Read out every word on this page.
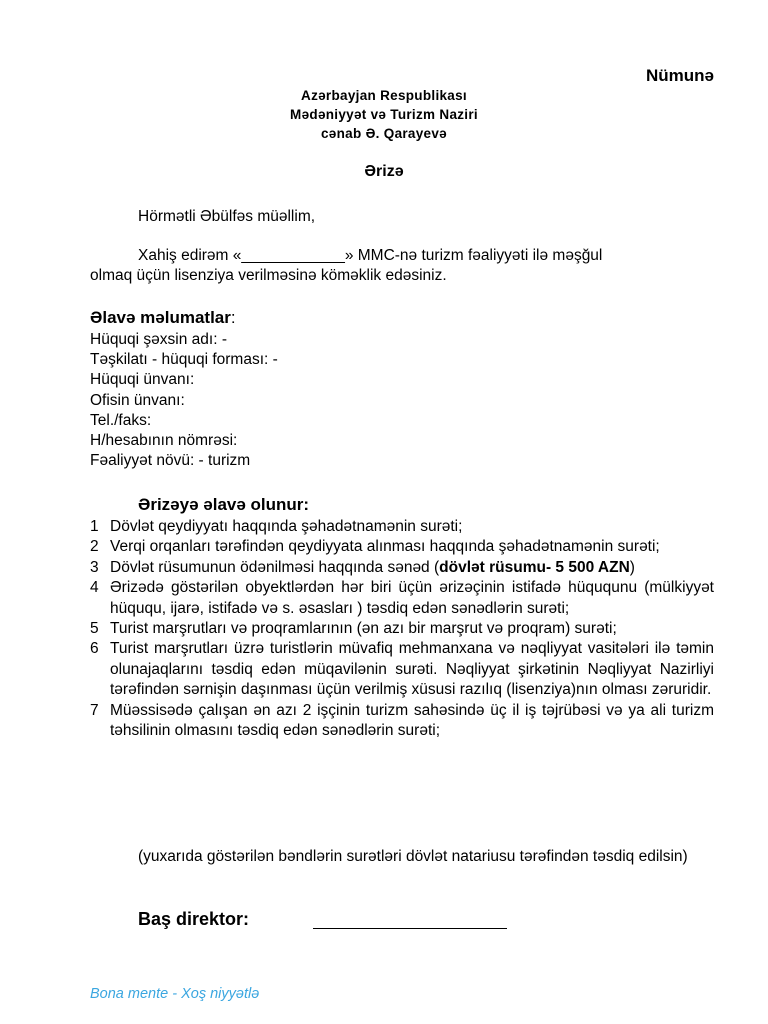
Nümunə
Azərbayjan Respublikası
Mədəniyyət və Turizm Naziri
cənab Ə. Qarayevə
Ərizə
Hörmətli Əbülfəs müəllim,
Xahiş edirəm «____________» MMC-nə turizm fəaliyyəti ilə məşğul
olmaq üçün lisenziya verilməsinə köməklik edəsiniz.
Əlavə məlumatlar:
Hüquqi şəxsin adı: -
Təşkilatı - hüquqi forması: -
Hüquqi ünvanı:
Ofisin ünvanı:
Tel./faks:
H/hesabının nömrəsi:
Fəaliyyət növü: - turizm
Ərizəyə əlavə olunur:
1 Dövlət qeydiyyatı haqqında şəhadətnamənin surəti;
2 Verqi orqanları tərəfindən qeydiyyata alınması haqqında şəhadətnamənin surəti;
3 Dövlət rüsumunun ödənilməsi haqqında sənəd (dövlət rüsumu- 5 500 AZN)
4 Ərizədə göstərilən obyektlərdən hər biri üçün ərizəçinin istifadə hüququnu (mülkiyyət hüququ, ijarə, istifadə və s. əsasları ) təsdiq edən sənədlərin surəti;
5 Turist marşrutları və proqramlarının (ən azı bir marşrut və proqram) surəti;
6 Turist marşrutları üzrə turistlərin müvafiq mehmanxana və nəqliyyat vasitələri ilə təmin olunajaqlarını təsdiq edən müqavilənin surəti. Nəqliyyat şirkətinin Nəqliyyat Nazirliyi tərəfindən sərnişin daşınması üçün verilmiş xüsusi razılıq (lisenziya)nın olması zəruridir.
7 Müəssisədə çalışan ən azı 2 işçinin turizm sahəsində üç il iş təjrübəsi və ya ali turizm təhsilinin olmasını təsdiq edən sənədlərin surəti;
(yuxarıda göstərilən bəndlərin surətləri dövlət natariusu tərəfindən təsdiq edilsin)
Baş direktor:
Bona mente - Xoş niyyətlə
